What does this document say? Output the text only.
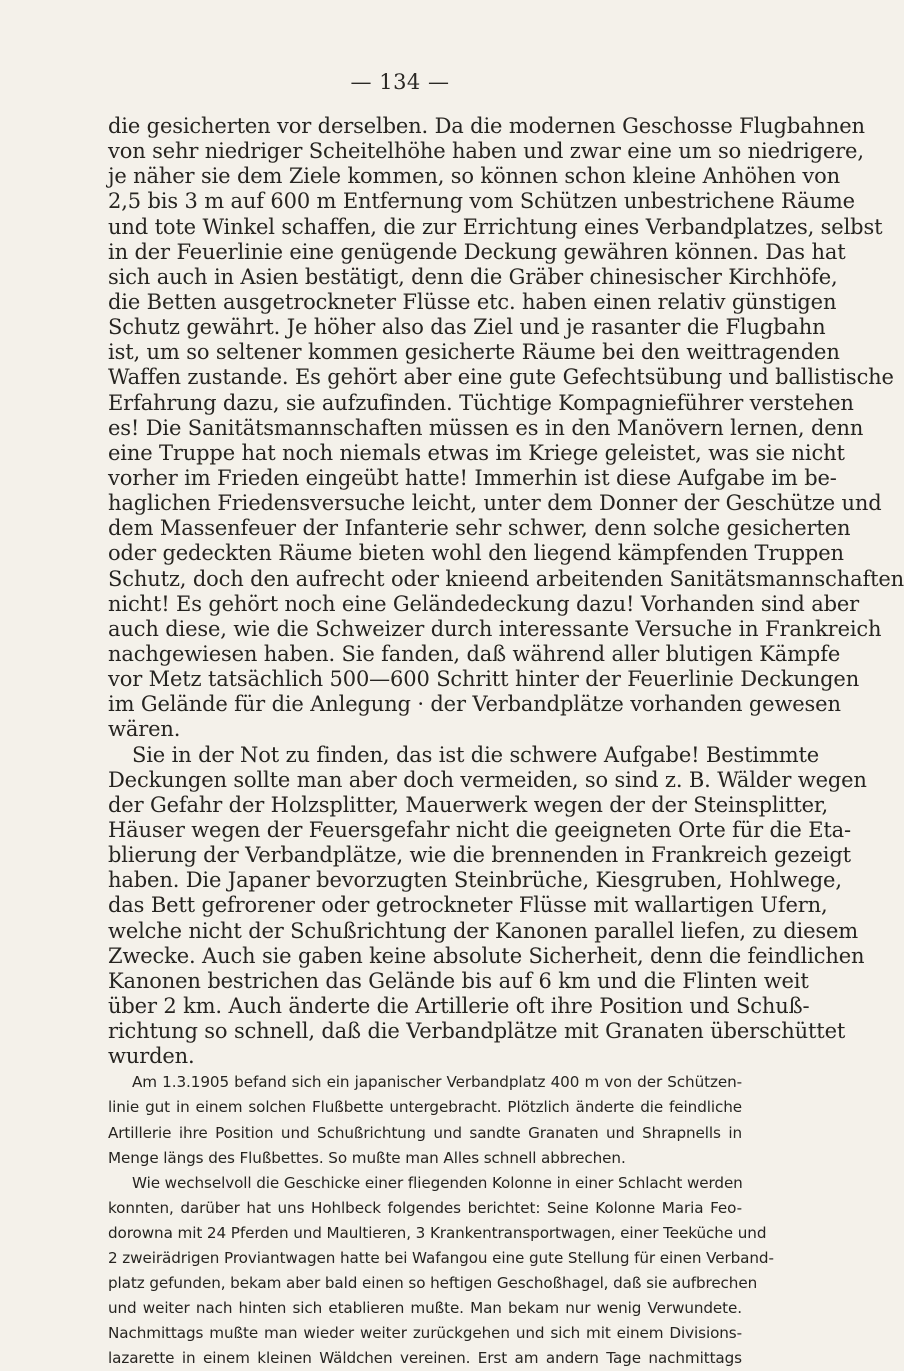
— 134 —
die gesicherten vor derselben. Da die modernen Geschosse Flugbahnen
von sehr niedriger Scheitelhöhe haben und zwar eine um so niedrigere,
je näher sie dem Ziele kommen, so können schon kleine Anhöhen von
2,5 bis 3 m auf 600 m Entfernung vom Schützen unbestrichene Räume
und tote Winkel schaffen, die zur Errichtung eines Verbandplatzes, selbst
in der Feuerlinie eine genügende Deckung gewähren können. Das hat
sich auch in Asien bestätigt, denn die Gräber chinesischer Kirchhöfe,
die Betten ausgetrockneter Flüsse etc. haben einen relativ günstigen
Schutz gewährt. Je höher also das Ziel und je rasanter die Flugbahn
ist, um so seltener kommen gesicherte Räume bei den weittragenden
Waffen zustande. Es gehört aber eine gute Gefechtsübung und ballistische
Erfahrung dazu, sie aufzufinden. Tüchtige Kompagnieführer verstehen
es! Die Sanitätsmannschaften müssen es in den Manövern lernen, denn
eine Truppe hat noch niemals etwas im Kriege geleistet, was sie nicht
vorher im Frieden eingeübt hatte! Immerhin ist diese Aufgabe im be-
haglichen Friedensversuche leicht, unter dem Donner der Geschütze und
dem Massenfeuer der Infanterie sehr schwer, denn solche gesicherten
oder gedeckten Räume bieten wohl den liegend kämpfenden Truppen
Schutz, doch den aufrecht oder knieend arbeitenden Sanitätsmannschaften
nicht! Es gehört noch eine Geländedeckung dazu! Vorhanden sind aber
auch diese, wie die Schweizer durch interessante Versuche in Frankreich
nachgewiesen haben. Sie fanden, daß während aller blutigen Kämpfe
vor Metz tatsächlich 500—600 Schritt hinter der Feuerlinie Deckungen
im Gelände für die Anlegung · der Verbandplätze vorhanden gewesen
wären.
Sie in der Not zu finden, das ist die schwere Aufgabe! Bestimmte
Deckungen sollte man aber doch vermeiden, so sind z. B. Wälder wegen
der Gefahr der Holzsplitter, Mauerwerk wegen der der Steinsplitter,
Häuser wegen der Feuersgefahr nicht die geeigneten Orte für die Eta-
blierung der Verbandplätze, wie die brennenden in Frankreich gezeigt
haben. Die Japaner bevorzugten Steinbrüche, Kiesgruben, Hohlwege,
das Bett gefrorener oder getrockneter Flüsse mit wallartigen Ufern,
welche nicht der Schußrichtung der Kanonen parallel liefen, zu diesem
Zwecke. Auch sie gaben keine absolute Sicherheit, denn die feindlichen
Kanonen bestrichen das Gelände bis auf 6 km und die Flinten weit
über 2 km. Auch änderte die Artillerie oft ihre Position und Schuß-
richtung so schnell, daß die Verbandplätze mit Granaten überschüttet
wurden.
Am 1.3.1905 befand sich ein japanischer Verbandplatz 400 m von der Schützen-
linie gut in einem solchen Flußbette untergebracht. Plötzlich änderte die feindliche
Artillerie ihre Position und Schußrichtung und sandte Granaten und Shrapnells in
Menge längs des Flußbettes. So mußte man Alles schnell abbrechen.
Wie wechselvoll die Geschicke einer fliegenden Kolonne in einer Schlacht werden
konnten, darüber hat uns Hohlbeck folgendes berichtet: Seine Kolonne Maria Feo-
dorowna mit 24 Pferden und Maultieren, 3 Krankentransportwagen, einer Teeküche und
2 zweirädrigen Proviantwagen hatte bei Wafangou eine gute Stellung für einen Verband-
platz gefunden, bekam aber bald einen so heftigen Geschoßhagel, daß sie aufbrechen
und weiter nach hinten sich etablieren mußte. Man bekam nur wenig Verwundete.
Nachmittags mußte man wieder weiter zurückgehen und sich mit einem Divisions-
lazarette in einem kleinen Wäldchen vereinen. Erst am andern Tage nachmittags
